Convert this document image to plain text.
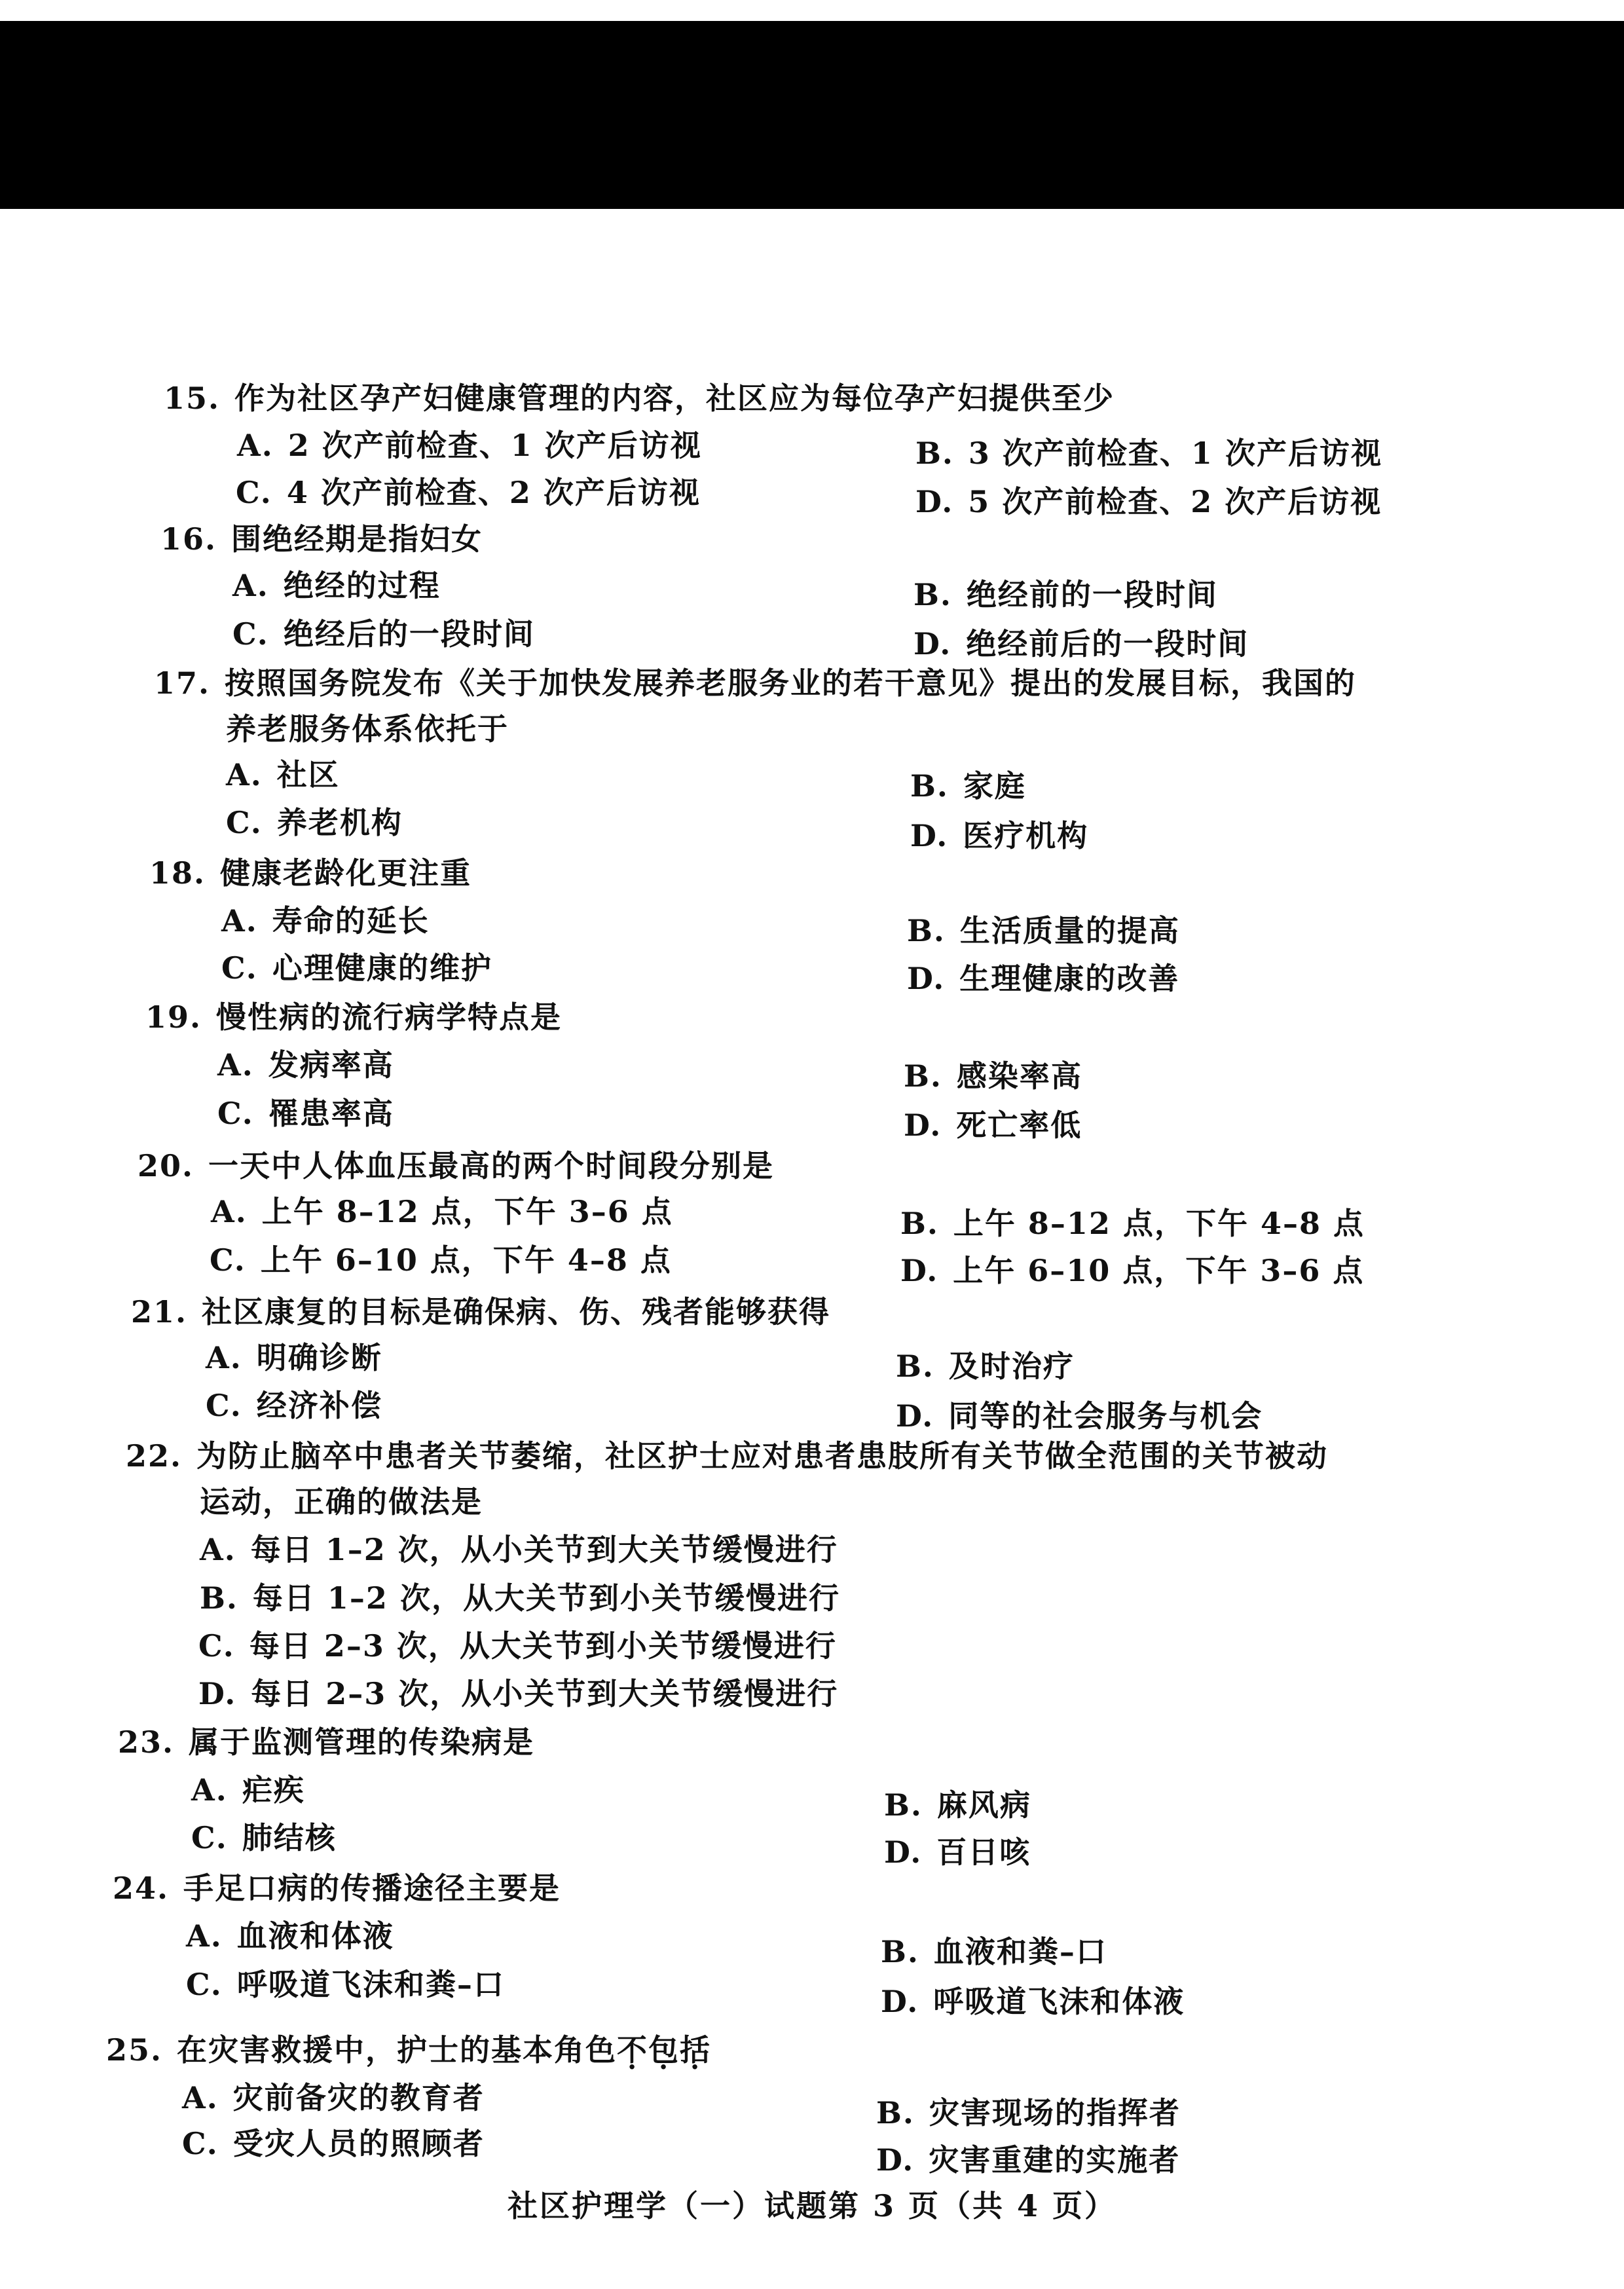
15. 作为社区孕产妇健康管理的内容，社区应为每位孕产妇提供至少
A. 2 次产前检查、1 次产后访视	B. 3 次产前检查、1 次产后访视
C. 4 次产前检查、2 次产后访视	D. 5 次产前检查、2 次产后访视
16. 围绝经期是指妇女
A. 绝经的过程	B. 绝经前的一段时间
C. 绝经后的一段时间	D. 绝经前后的一段时间
17. 按照国务院发布《关于加快发展养老服务业的若干意见》提出的发展目标，我国的
养老服务体系依托于
A. 社区	B. 家庭
C. 养老机构	D. 医疗机构
18. 健康老龄化更注重
A. 寿命的延长	B. 生活质量的提高
C. 心理健康的维护	D. 生理健康的改善
19. 慢性病的流行病学特点是
A. 发病率高	B. 感染率高
C. 罹患率高	D. 死亡率低
20. 一天中人体血压最高的两个时间段分别是
A. 上午 8–12 点，下午 3–6 点	B. 上午 8–12 点，下午 4–8 点
C. 上午 6–10 点，下午 4–8 点	D. 上午 6–10 点，下午 3–6 点
21. 社区康复的目标是确保病、伤、残者能够获得
A. 明确诊断	B. 及时治疗
C. 经济补偿	D. 同等的社会服务与机会
22. 为防止脑卒中患者关节萎缩，社区护士应对患者患肢所有关节做全范围的关节被动
运动，正确的做法是
A. 每日 1–2 次，从小关节到大关节缓慢进行
B. 每日 1–2 次，从大关节到小关节缓慢进行
C. 每日 2–3 次，从大关节到小关节缓慢进行
D. 每日 2–3 次，从小关节到大关节缓慢进行
23. 属于监测管理的传染病是
A. 疟疾	B. 麻风病
C. 肺结核	D. 百日咳
24. 手足口病的传播途径主要是
A. 血液和体液	B. 血液和粪–口
C. 呼吸道飞沫和粪–口	D. 呼吸道飞沫和体液
25. 在灾害救援中，护士的基本角色不包括
A. 灾前备灾的教育者	B. 灾害现场的指挥者
C. 受灾人员的照顾者	D. 灾害重建的实施者
社区护理学（一）试题第 3 页（共 4 页）
